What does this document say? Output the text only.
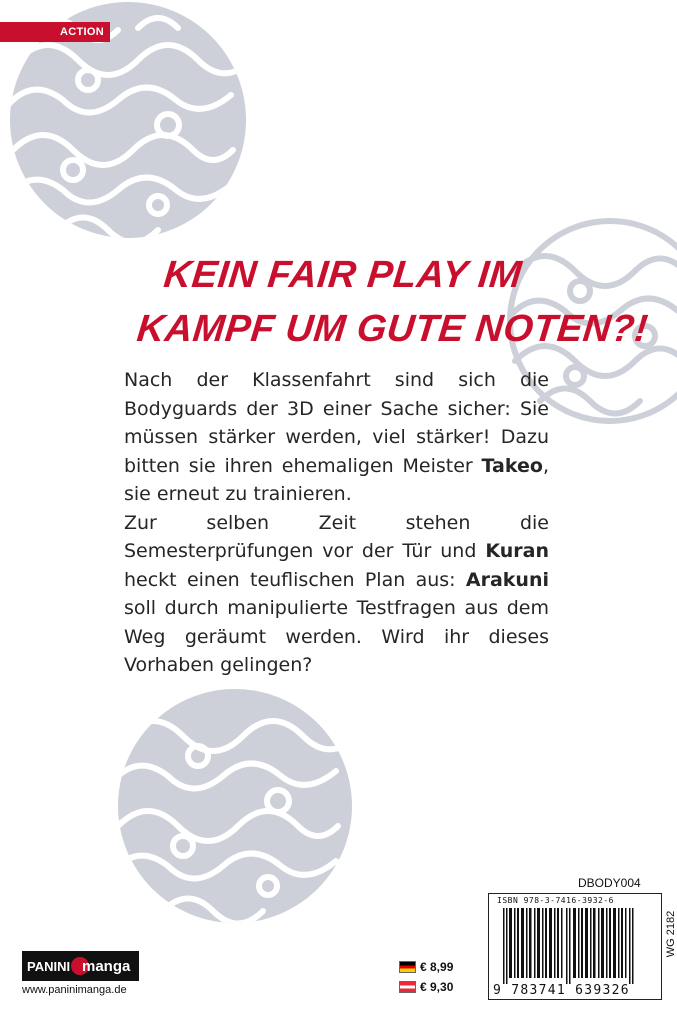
ACTION
KEIN FAIR PLAY IM
KAMPF UM GUTE NOTEN?!

Nach der Klassenfahrt sind sich die Bodyguards der 3D einer Sache sicher: Sie müssen stärker werden, viel stärker! Dazu bitten sie ihren ehemaligen Meister Takeo, sie erneut zu trainieren.

Zur selben Zeit stehen die Semesterprüfungen vor der Tür und Kuran heckt einen teuflischen Plan aus: Arakuni soll durch manipulierte Testfragen aus dem Weg geräumt werden. Wird ihr dieses Vorhaben gelingen?

DBODY004
ISBN 978-3-7416-3932-6
9 783741 639326
WG 2182
PANINI manga
www.paninimanga.de
€ 8,99
€ 9,30
